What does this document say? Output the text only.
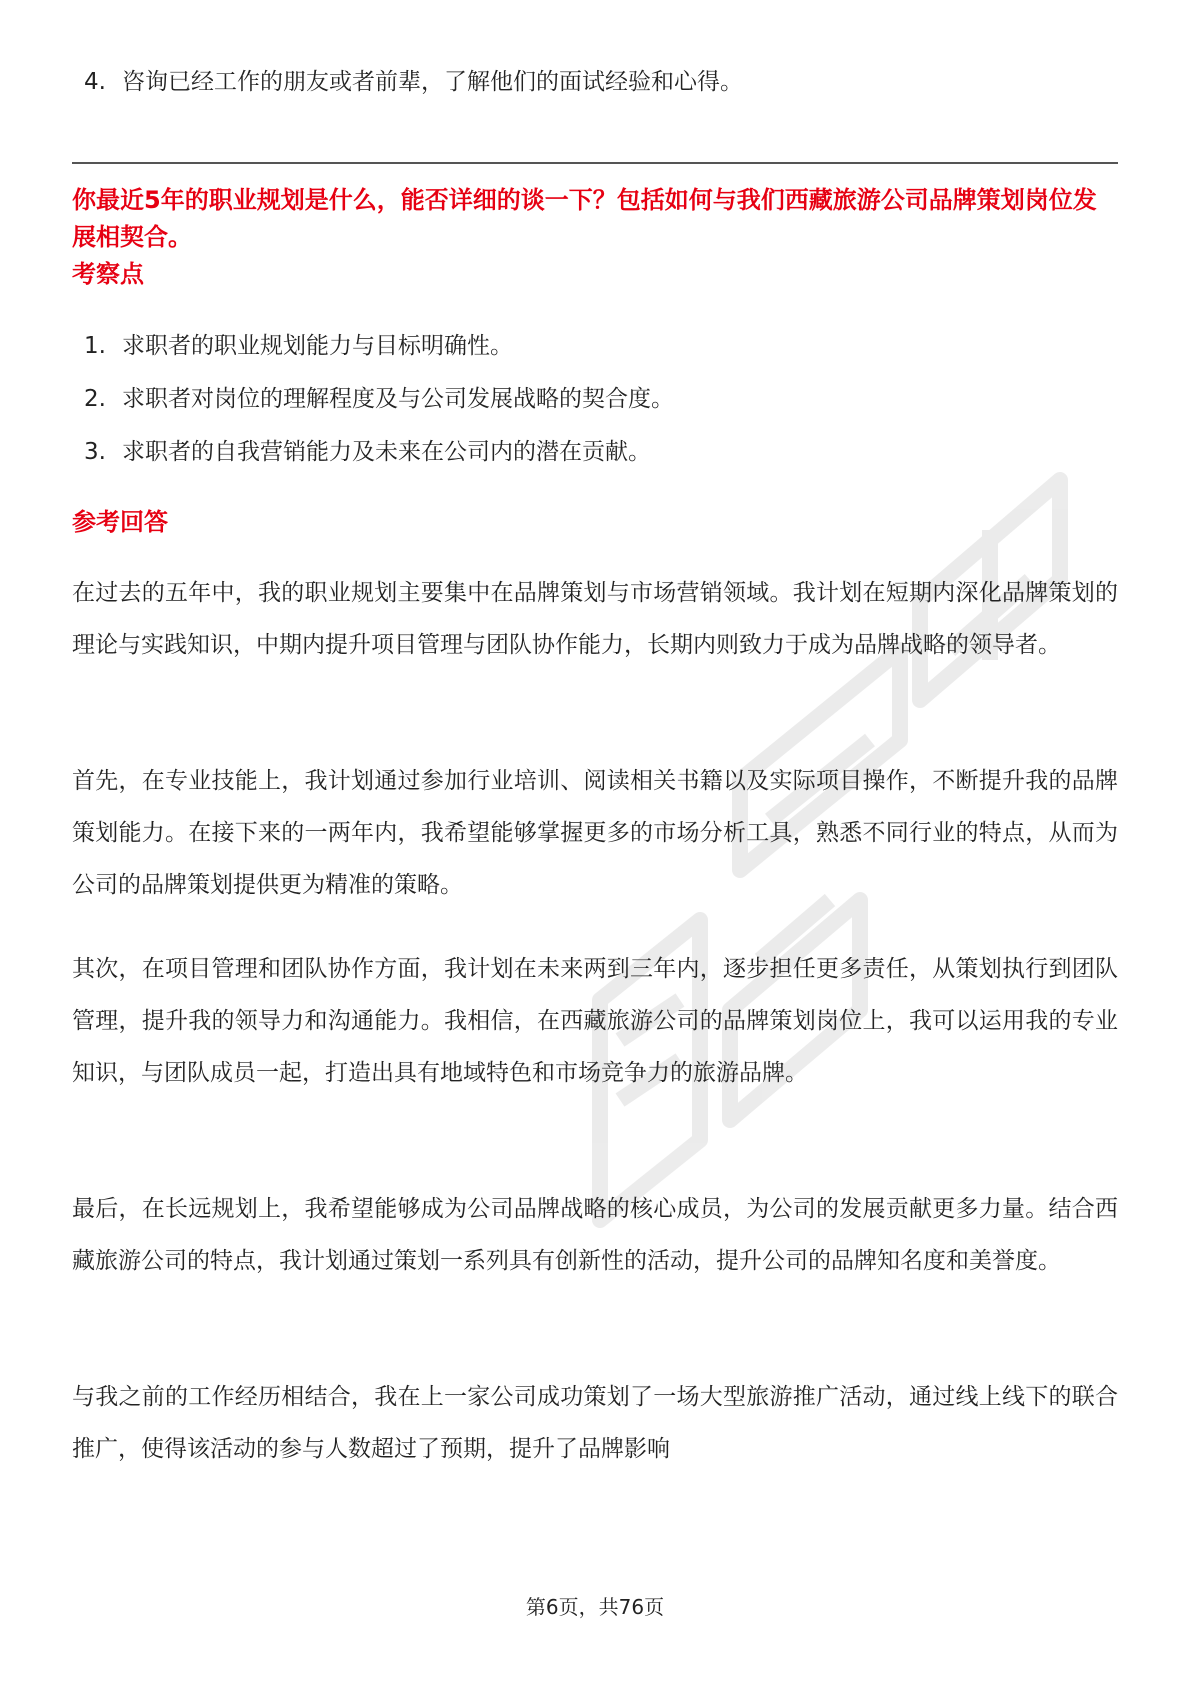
4. 咨询已经工作的朋友或者前辈，了解他们的面试经验和心得。
你最近5年的职业规划是什么，能否详细的谈一下？包括如何与我们西藏旅游公司品牌策划岗位发展相契合。
考察点
1. 求职者的职业规划能力与目标明确性。
2. 求职者对岗位的理解程度及与公司发展战略的契合度。
3. 求职者的自我营销能力及未来在公司内的潜在贡献。
参考回答
在过去的五年中，我的职业规划主要集中在品牌策划与市场营销领域。我计划在短期内深化品牌策划的理论与实践知识，中期内提升项目管理与团队协作能力，长期内则致力于成为品牌战略的领导者。
首先，在专业技能上，我计划通过参加行业培训、阅读相关书籍以及实际项目操作，不断提升我的品牌策划能力。在接下来的一两年内，我希望能够掌握更多的市场分析工具，熟悉不同行业的特点，从而为公司的品牌策划提供更为精准的策略。
其次，在项目管理和团队协作方面，我计划在未来两到三年内，逐步担任更多责任，从策划执行到团队管理，提升我的领导力和沟通能力。我相信，在西藏旅游公司的品牌策划岗位上，我可以运用我的专业知识，与团队成员一起，打造出具有地域特色和市场竞争力的旅游品牌。
最后，在长远规划上，我希望能够成为公司品牌战略的核心成员，为公司的发展贡献更多力量。结合西藏旅游公司的特点，我计划通过策划一系列具有创新性的活动，提升公司的品牌知名度和美誉度。
与我之前的工作经历相结合，我在上一家公司成功策划了一场大型旅游推广活动，通过线上线下的联合推广，使得该活动的参与人数超过了预期，提升了品牌影响
第6页，共76页
